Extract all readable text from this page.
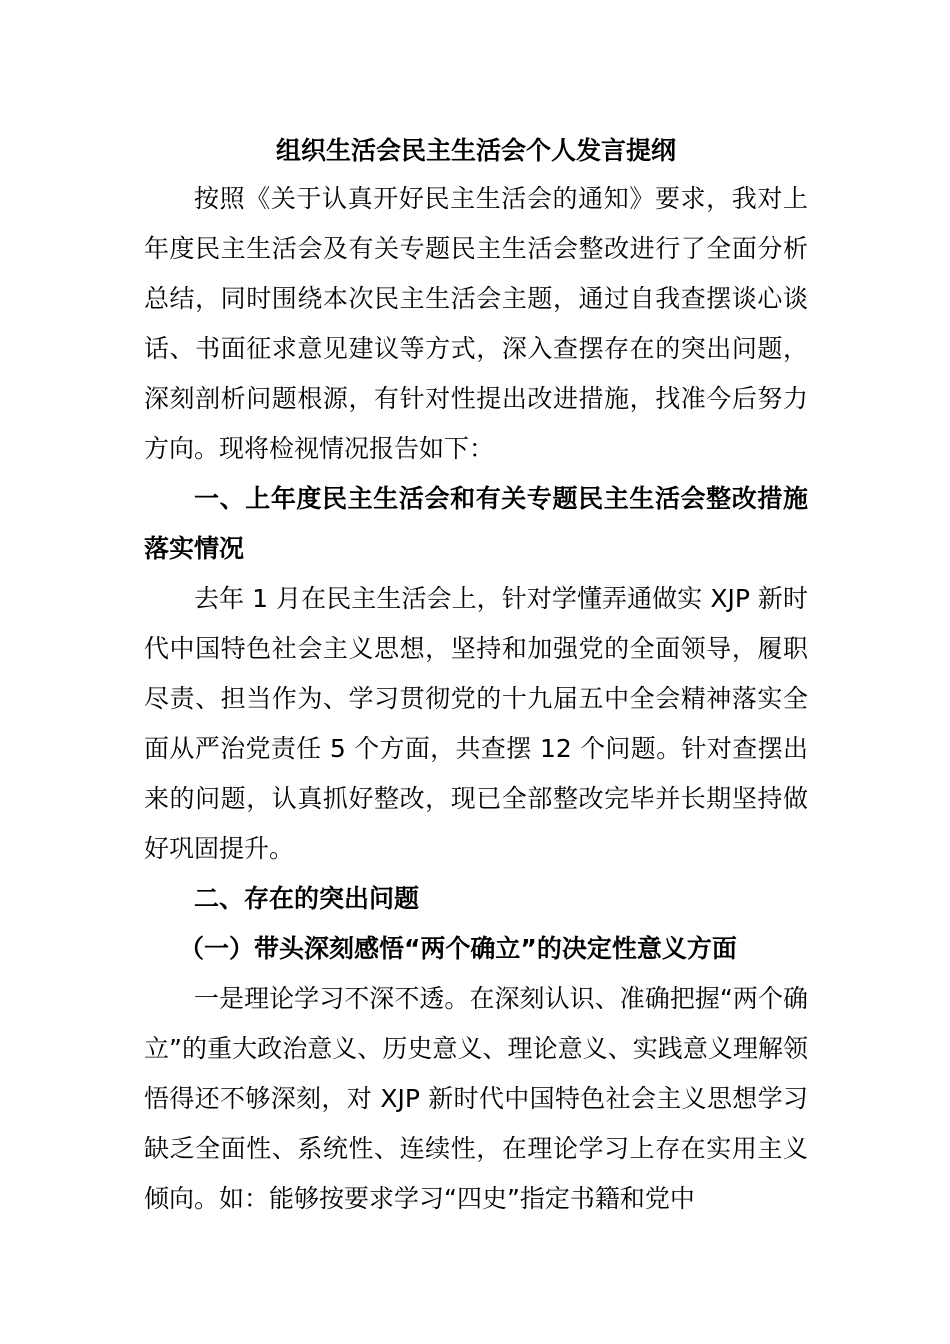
组织生活会民主生活会个人发言提纲

按照《关于认真开好民主生活会的通知》要求，我对上年度民主生活会及有关专题民主生活会整改进行了全面分析总结，同时围绕本次民主生活会主题，通过自我查摆谈心谈话、书面征求意见建议等方式，深入查摆存在的突出问题，深刻剖析问题根源，有针对性提出改进措施，找准今后努力方向。现将检视情况报告如下：

一、上年度民主生活会和有关专题民主生活会整改措施落实情况

去年 1 月在民主生活会上，针对学懂弄通做实 XJP 新时代中国特色社会主义思想，坚持和加强党的全面领导，履职尽责、担当作为、学习贯彻党的十九届五中全会精神落实全面从严治党责任 5 个方面，共查摆 12 个问题。针对查摆出来的问题，认真抓好整改，现已全部整改完毕并长期坚持做好巩固提升。

二、存在的突出问题

（一）带头深刻感悟“两个确立”的决定性意义方面

一是理论学习不深不透。在深刻认识、准确把握“两个确立”的重大政治意义、历史意义、理论意义、实践意义理解领悟得还不够深刻，对 XJP 新时代中国特色社会主义思想学习缺乏全面性、系统性、连续性，在理论学习上存在实用主义倾向。如：能够按要求学习“四史”指定书籍和党中
